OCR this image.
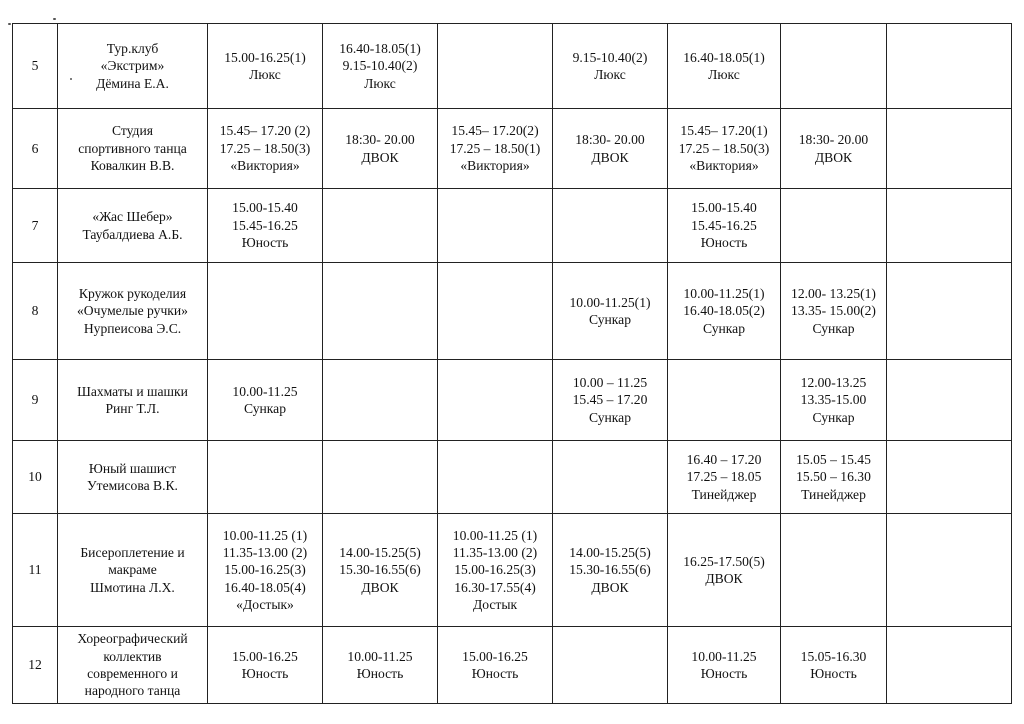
5	Тур.клуб
«Экстрим»
Дёмина Е.А.	15.00-16.25(1)
Люкс	16.40-18.05(1)
9.15-10.40(2)
Люкс		9.15-10.40(2)
Люкс	16.40-18.05(1)
Люкс		
6	Студия
спортивного танца
Ковалкин В.В.	15.45– 17.20 (2)
17.25 – 18.50(3)
«Виктория»	18:30- 20.00
ДВОК	15.45– 17.20(2)
17.25 – 18.50(1)
«Виктория»	18:30- 20.00
ДВОК	15.45– 17.20(1)
17.25 – 18.50(3)
«Виктория»	18:30- 20.00
ДВОК	
7	«Жас Шебер»
Таубалдиева А.Б.	15.00-15.40
15.45-16.25
Юность				15.00-15.40
15.45-16.25
Юность		
8	Кружок рукоделия
«Очумелые ручки»
Нурпеисова Э.С.				10.00-11.25(1)
Сункар	10.00-11.25(1)
16.40-18.05(2)
Сункар	12.00- 13.25(1)
13.35- 15.00(2)
Сункар	
9	Шахматы и шашки
Ринг Т.Л.	10.00-11.25
Сункар			10.00 – 11.25
15.45 – 17.20
Сункар		12.00-13.25
13.35-15.00
Сункар	
10	Юный шашист
Утемисова В.К.					16.40 – 17.20
17.25 – 18.05
Тинейджер	15.05 – 15.45
15.50 – 16.30
Тинейджер	
11	Бисероплетение и
макраме
Шмотина Л.Х.	10.00-11.25 (1)
11.35-13.00 (2)
15.00-16.25(3)
16.40-18.05(4)
«Достык»	14.00-15.25(5)
15.30-16.55(6)
ДВОК	10.00-11.25 (1)
11.35-13.00 (2)
15.00-16.25(3)
16.30-17.55(4)
Достык	14.00-15.25(5)
15.30-16.55(6)
ДВОК	16.25-17.50(5)
ДВОК		
12	Хореографический
коллектив
современного и
народного танца	15.00-16.25
Юность	10.00-11.25
Юность	15.00-16.25
Юность		10.00-11.25
Юность	15.05-16.30
Юность	
